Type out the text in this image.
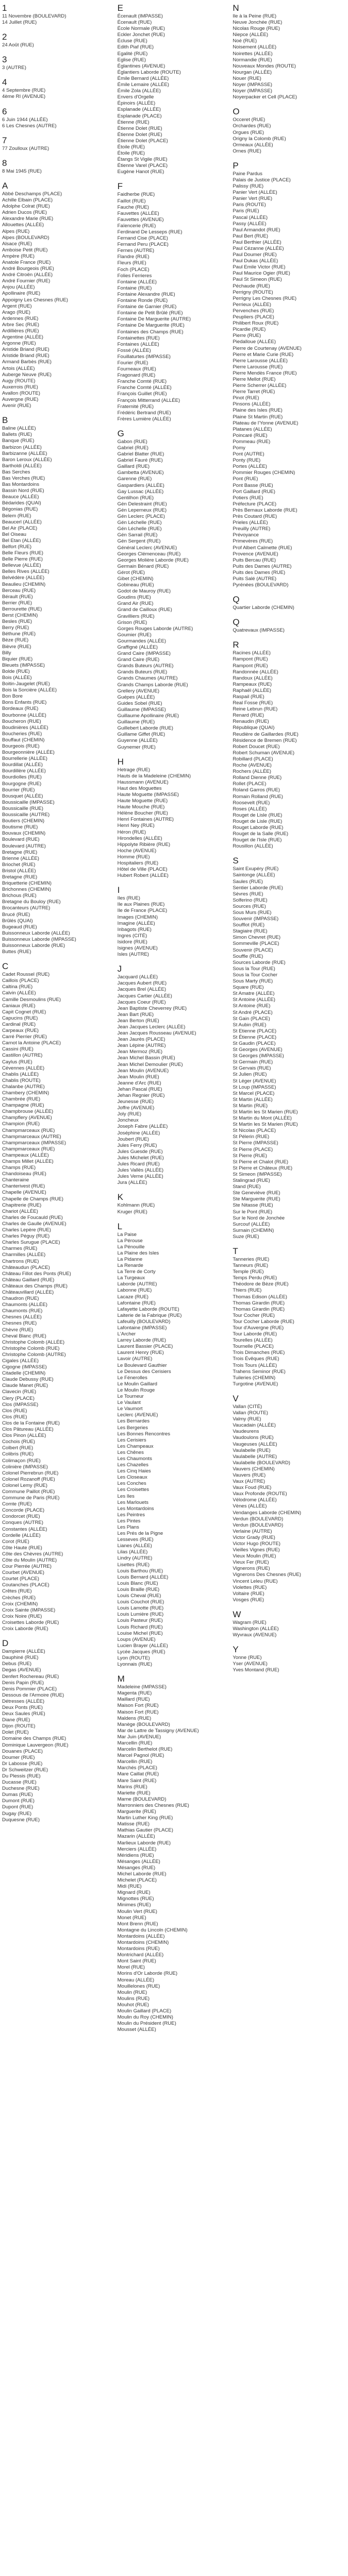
1
11 Novembre (BOULEVARD)
14 Juillet (RUE)
2
24 Août (RUE)
3
3 (AUTRE)
4
4 Septembre (RUE)
4ème RI (AVENUE)
6
6 Juin 1944 (ALLÉE)
6 Les Chesnes (AUTRE)
7
77 Zoulloux (AUTRE)
8
8 Mai 1945 (RUE)
A
Abbé Deschamps (PLACE)
Achille Elbain (PLACE)
Adolphe Colrat (RUE)
Adrien Ducos (RUE)
Alexandre Marie (RUE)
Allouettes (ALLÉE)
Alpes (RUE)
Alpes (BOULEVARD)
Alsace (RUE)
Amboise Petit (RUE)
Ampère (RUE)
Anatole France (RUE)
André Bourgeois (RUE)
André Citroën (ALLÉE)
André Fournier (RUE)
Anjou (ALLÉE)
Apollinaire (RUE)
Appoigny Les Chesnes (RUE)
Argent (RUE)
Arago (RUE)
Ardennes (RUE)
Arbre Sec (RUE)
Ardillières (RUE)
Argentine (ALLÉE)
Argonne (RUE)
Aristide Briand (RUE)
Aristide Briand (RUE)
Armand Barbès (RUE)
Artois (ALLÉE)
Auberge Neuve (RUE)
Augy (ROUTE)
Auxerrois (RUE)
Avallon (ROUTE)
Auvergne (RUE)
Avenir (RUE)
B
Baline (ALLÉE)
Ballets (RUE)
Banque (RUE)
Barbizon (ALLÉE)
Barbizanne (ALLÉE)
Baron Leroux (ALLÉE)
Bartholdi (ALLÉE)
Bas Serches
Bas Verches (RUE)
Bas Montardoins
Bassin Nord (RUE)
Beauce (ALLÉE)
Bédarides (QUAI)
Bégonias (RUE)
Belem (RUE)
Beaucerl (ALLÉE)
Bel Air (PLACE)
Bel Oiseau
Bel Etan (ALLÉE)
Belfort (RUE)
Belle Fleurs (RUE)
Belle Pierre (RUE)
Bellevue (ALLÉE)
Belles Rives (ALLÉE)
Belvédère (ALLÉE)
Beaulieu (CHEMIN)
Berceau (RUE)
Bérault (RUE)
Berrier (RUE)
Berrourette (RUE)
Berst (CHEMIN)
Besles (RUE)
Berry (RUE)
Béthune (RUE)
Bèze (RUE)
Bièvre (RUE)
Billy
Biquier (RUE)
Bleuets (IMPASSE)
Bolde (RUE)
Bois (ALLÉE)
Boitin-Jaugelet (RUE)
Bois la Sorcière (ALLÉE)
Bon Bore
Bons Enfants (RUE)
Bordeaux (RUE)
Bourbonne (ALLÉE)
Boucheron (RUE)
Boudinières (ALLÉE)
Boucheries (RUE)
Bouffaut (CHEMIN)
Bourgeois (RUE)
Bourgeonnière (ALLÉE)
Bourrellerie (ALLÉE)
Bourdillat (ALLÉE)
Bourdillère (ALLÉE)
Bourdiolles (RUE)
Bourgogne (RUE)
Bourrier (RUE)
Bousquet (ALLÉE)
Boussicaille (IMPASSE)
Boussicaille (RUE)
Boussicaille (AUTRE)
Boutiers (CHEMIN)
Boutisme (RUE)
Bouvaux (CHEMIN)
Boulevard (RUE)
Boulevard (AUTRE)
Bretagne (RUE)
Brienne (ALLÉE)
Briochet (RUE)
Bristol (ALLÉE)
Bretagne (RUE)
Briquetterie (CHEMIN)
Brichonnes (CHEMIN)
Brichous (RUE)
Bretagne du Bouloy (RUE)
Brocanteurs (AUTRE)
Brucé (RUE)
Brûlés (QUAI)
Bugeaud (RUE)
Buissonneux Laborde (ALLÉE)
Buissonneux Laborde (IMPASSE)
Buissonneux Laborde (RUE)
Buttes (RUE)
C
Cadet Roussel (RUE)
Caillois (PLACE)
Caltina (RUE)
Calvin (ALLÉE)
Camille Desmoulins (RUE)
Caniaux (RUE)
Capit Cognet (RUE)
Capucins (RUE)
Cardinal (RUE)
Carpeaux (RUE)
Carré Pierrier (RUE)
Carnot la Antoine (PLACE)
Cassini (RUE)
Castillon (AUTRE)
Caylus (RUE)
Cévennes (ALLÉE)
Chablis (ALLÉE)
Chablis (ROUTE)
Chalanbe (AUTRE)
Chambery (CHEMIN)
Chambrée (RUE)
Champagne (RUE)
Champbrouse (ALLÉE)
Champflery (AVENUE)
Champion (RUE)
Champmarceaux (RUE)
Champmarceaux (AUTRE)
Champmarceaux (IMPASSE)
Champmarceaux (RUE)
Champeaux (ALLÉE)
Champs Millet (ALLÉE)
Champs (RUE)
Chandoiseau (RUE)
Chanteraine
Chanterivest (RUE)
Chapelle (AVENUE)
Chapelle de Champs (RUE)
Chapitrerie (RUE)
Chariot (ALLÉE)
Charles de Foucauld (RUE)
Charles de Gaulle (AVENUE)
Charles Lepère (RUE)
Charles Péguy (RUE)
Charles Surugue (PLACE)
Charmes (RUE)
Charmilles (ALLÉE)
Chartrons (RUE)
Châteaudun (PLACE)
Château Fillot des Ponts (RUE)
Château Gaillard (RUE)
Châteaux des Champs (RUE)
Châteauvillard (ALLÉE)
Chaudron (RUE)
Chaumonts (ALLÉE)
Chaumonts (RUE)
Chesnes (ALLÉE)
Chesnes (RUE)
Chèvre (RUE)
Cheval Blanc (RUE)
Christophe Colomb (ALLÉE)
Christophe Colomb (RUE)
Christophe Colomb (AUTRE)
Cigales (ALLÉE)
Cigogne (IMPASSE)
Citadelle (CHEMIN)
Claude Debussy (RUE)
Claude Manet (RUE)
Clavecin (RUE)
Clery (PLACE)
Clos (IMPASSE)
Clos (RUE)
Clos (RUE)
Clos de la Fontaine (RUE)
Clos Pâtureau (ALLÉE)
Clos Pinon (ALLÉE)
Cochois (RUE)
Colbert (RUE)
Colibris (RUE)
Colimaçon (RUE)
Colinière (IMPASSE)
Colonel Pierrebrun (RUE)
Colonel Rozanoff (RUE)
Colonel Lemy (RUE)
Commune Paillot (RUE)
Commune de Paris (RUE)
Comte (RUE)
Concorde (PLACE)
Condorcet (RUE)
Conques (AUTRE)
Constantes (ALLÉE)
Cordelle (ALLÉE)
Corot (RUE)
Côte Haute (RUE)
Côte des Chèvres (AUTRE)
Côte du Moulin (AUTRE)
Cour Pierrée (AUTRE)
Courbet (AVENUE)
Courtet (PLACE)
Coutanches (PLACE)
Crêtes (RUE)
Crèches (RUE)
Croix (CHEMIN)
Croix Sainte (IMPASSE)
Croix Noire (RUE)
Croisettes Laborde (RUE)
Croix Laborde (RUE)
D
Dampierre (ALLÉE)
Dauphiné (RUE)
Debus (RUE)
Degas (AVENUE)
Denfert Rochereau (RUE)
Denis Papin (RUE)
Denis Pommier (PLACE)
Dessous de l'Armoire (RUE)
Détresses (ALLÉE)
Deux Ponts (RUE)
Deux Saules (RUE)
Diane (RUE)
Dijon (ROUTE)
Dolet (RUE)
Domaine des Champs (RUE)
Dominique Lauvergeon (RUE)
Douanes (PLACE)
Doumer (RUE)
Dr Labosse (RUE)
Dr Schweitzer (RUE)
Du Plessis (RUE)
Ducasse (RUE)
Duchesne (RUE)
Dumas (RUE)
Dumont (RUE)
Dupont (RUE)
Dugay (RUE)
Duquesne (RUE)
E
Écenault (IMPASSE)
Écenault (RUE)
École Normale (RUE)
Eckler Jonchet (RUE)
Écluse (RUE)
Edith Piaf (RUE)
Egalité (RUE)
Eglise (RUE)
Églantines (AVENUE)
Églantiers Laborde (ROUTE)
Émile Bernard (ALLÉE)
Émile Lemaire (ALLÉE)
Émile Zola (ALLÉE)
Envers d'Orgelle
Épinoirs (ALLÉE)
Esplanade (ALLÉE)
Esplanade (PLACE)
Étienne (RUE)
Étienne Dolet (RUE)
Étienne Dolet (RUE)
Étienne Dolet (PLACE)
Étoile (RUE)
Étoile (RUE)
Étangs St Vigile (RUE)
Étienne Varel (PLACE)
Eugène Hanot (RUE)
F
Faidherbe (RUE)
Faillot (RUE)
Fauche (RUE)
Fauvettes (ALLÉE)
Fauvettes (AVENUE)
Faïencerie (RUE)
Ferdinand De Lesseps (RUE)
Fernand Cise (PLACE)
Fernand Peru (PLACE)
Fernes (AUTRE)
Flandre (RUE)
Fleurs (RUE)
Foch (PLACE)
Folies Ferrieres
Fontaine (ALLÉE)
Fontaine (RUE)
Fontaine Alexandre (RUE)
Fontaine Ronde (RUE)
Fontaine de Garnier (RUE)
Fontaine de Petit Brûlé (RUE)
Fontaine De Marguerite (AUTRE)
Fontaine De Marguerite (RUE)
Fontaines des Champs (RUE)
Fontainettes (RUE)
Fontaines (ALLÉE)
Fossé (ALLÉE)
Fouillaturtes (IMPASSE)
Fourier (RUE)
Fourneaux (RUE)
Fragonard (RUE)
Franche Comté (RUE)
Franche Comté (ALLÉE)
François Guillet (RUE)
François Mitterrand (ALLÉE)
Fraternité (RUE)
Frédéric Bertrand (RUE)
Frères Lumière (ALLÉE)
G
Gabon (RUE)
Gabriel (RUE)
Gabriel Blatter (RUE)
Gabriel Fauré (RUE)
Gaillard (RUE)
Gambetta (AVENUE)
Garenne (RUE)
Gaspardiers (ALLÉE)
Gay Lussac (ALLÉE)
Gentilhon (RUE)
Gén Delestraint (RUE)
Gén Leperneux (RUE)
Gén Leclerc (PLACE)
Gén Léchelle (RUE)
Gén Léchelle (RUE)
Gén Sarrail (RUE)
Gén Sergent (RUE)
Général Leclerc (AVENUE)
Georges Clémenceau (RUE)
Georges Molière Laborde (RUE)
Germain Bénard (RUE)
Gérot (RUE)
Gibet (CHEMIN)
Gobineau (RUE)
Godot de Mauroy (RUE)
Goudins (RUE)
Grand Air (RUE)
Grand de Cailloux (RUE)
Gravilliers (RUE)
Grison (RUE)
Gorges Rouges Laborde (AUTRE)
Goumier (RUE)
Gourmandes (ALLÉE)
Graffigné (ALLÉE)
Grand Caire (IMPASSE)
Grand Caire (RUE)
Grands Buteurs (AUTRE)
Grands Buteurs (RUE)
Grands Chaumes (AUTRE)
Grands Champs Laborde (RUE)
Grellery (AVENUE)
Guépes (ALLÉE)
Guides Sobel (RUE)
Guillaume (IMPASSE)
Guillaume Apollinaire (RUE)
Guillaume (RUE)
Guillebert Laborde (RUE)
Guillame Giffet (RUE)
Guyenne (ALLÉE)
Guynemer (RUE)
H
Hetrage (RUE)
Hauts de la Madeleine (CHEMIN)
Haussmann (AVENUE)
Haut des Moguettes
Haute Moguette (IMPASSE)
Haute Moguette (RUE)
Haute Mouche (RUE)
Hélène Boucher (RUE)
Henri Fontaines (AUTRE)
Henri Ney (RUE)
Héron (RUE)
Hirondelles (ALLÉE)
Hippolyte Ribière (RUE)
Hoche (AVENUE)
Homme (RUE)
Hospitaliers (RUE)
Hôtel de Ville (PLACE)
Hubert Robert (ALLÉE)
I
Iles (RUE)
Ile aux Plaines (RUE)
Ile de France (PLACE)
Images (CHEMIN)
Imagine (ALLÉE)
Inbagots (RUE)
Ingres (CITÉ)
Isidore (RUE)
Isignes (AVENUE)
Isles (AUTRE)
J
Jacquard (ALLÉE)
Jacques Aubert (RUE)
Jacques Brel (ALLÉE)
Jacques Cartier (ALLÉE)
Jacques Coeur (RUE)
Jean Baptiste Cheverrey (RUE)
Jean Bart (RUE)
Jean Berton (RUE)
Jean Jacques Leclerc (ALLÉE)
Jean Jacques Rousseau (AVENUE)
Jean Jaurès (PLACE)
Jean Lépine (AUTRE)
Jean Mermoz (RUE)
Jean Michel Bassin (RUE)
Jean Michel Demoulier (RUE)
Jean Moulin (AVENUE)
Jean Moulin (RUE)
Jeanne d'Arc (RUE)
Jehan Pascal (RUE)
Jehan Regnier (RUE)
Jeunesse (RUE)
Joffre (AVENUE)
Joly (RUE)
Joncheux
Joseph Fabre (ALLÉE)
Joséphine (ALLÉE)
Joubert (RUE)
Jules Ferry (RUE)
Jules Guesde (RUE)
Jules Michelet (RUE)
Jules Ricard (RUE)
Jules Vallès (ALLÉE)
Jules Verne (ALLÉE)
Jura (ALLÉE)
K
Kohlmann (RUE)
Kruger (RUE)
L
La Paise
La Pérouse
La Pénouille
La Plaine des Isles
La Pidanne
La Renarde
La Terre de Corty
La Turgeaux
Laborde (AUTRE)
Labonne (RUE)
Lacaze (RUE)
Lafontaine (RUE)
Lafayette Laborde (ROUTE)
Laiterie de la Fabrique (RUE)
Lafeuilly (BOULEVARD)
Lafontaine (IMPASSE)
L'Archer
Larrey Laborde (RUE)
Laurent Bassier (PLACE)
Laurent Henry (RUE)
Lavoir (AUTRE)
Le Boulevard Gauthier
Le Dessus des Cerisiers
Le Fénerolles
Le Moulin Gaillard
Le Moulin Rouge
Le Tourneur
Le Vaulant
Le Vaumort
Leclerc (AVENUE)
Les Bernardes
Les Bergeries
Les Bonnes Rencontres
Les Cerisiers
Les Champeaux
Les Chênes
Les Chaumonts
Les Chazelles
Les Cinq Haies
Les Closeaux
Les Conches
Les Croisettes
Les Iles
Les Marlouets
Les Montardoins
Les Peintres
Les Pintes
Les Plans
Les Prés de la Pigne
Lesseves (RUE)
Lianes (ALLÉE)
Lilas (ALLÉE)
Lindry (AUTRE)
Lisettes (RUE)
Louis Barthou (RUE)
Louis Bernard (ALLÉE)
Louis Blanc (RUE)
Louis Braille (RUE)
Louis Cheval (RUE)
Louis Couchot (RUE)
Louis Lamotte (RUE)
Louis Lumière (RUE)
Louis Pasteur (RUE)
Louis Richard (RUE)
Louise Michel (RUE)
Loups (AVENUE)
Lucien Brayer (ALLÉE)
Lycée Jacques (RUE)
Lyon (ROUTE)
Lyonnais (RUE)
M
Madeleine (IMPASSE)
Magenta (RUE)
Maillard (RUE)
Maison Fort (RUE)
Maison Fort (RUE)
Maldens (RUE)
Manège (BOULEVARD)
Mar de Lattre de Tassigny (AVENUE)
Mar Juin (AVENUE)
Marcellin (RUE)
Marcelin Berthelot (RUE)
Marcel Pagnol (RUE)
Marcellin (RUE)
Marchés (PLACE)
Mare Caillat (RUE)
Mare Saint (RUE)
Marins (RUE)
Mariette (RUE)
Marne (BOULEVARD)
Marronniers des Chesnes (RUE)
Marguerite (RUE)
Martin Luther King (RUE)
Matisse (RUE)
Mathias Gautier (PLACE)
Mazarin (ALLÉE)
Marlieux Laborde (RUE)
Merciers (ALLÉE)
Méridiens (RUE)
Mésanges (ALLÉE)
Mésanges (RUE)
Michel Laborde (RUE)
Michelet (PLACE)
Midi (RUE)
Mignard (RUE)
Mignottes (RUE)
Minimes (RUE)
Moulin Vert (RUE)
Monet (RUE)
Mont Brenn (RUE)
Montagne du Lincoln (CHEMIN)
Montardoins (ALLÉE)
Montardoins (CHEMIN)
Montardoins (RUE)
Montrichard (ALLÉE)
Mont Saint (RUE)
Morel (RUE)
Morins d'Or Laborde (RUE)
Moreau (ALLÉE)
Mouillelones (RUE)
Moulin (RUE)
Moulins (RUE)
Mouhot (RUE)
Moulin Gaillard (PLACE)
Moulin du Roy (CHEMIN)
Moulin du Président (RUE)
Mousset (ALLÉE)
N
Ile à la Peine (RUE)
Neuve Jonchée (RUE)
Nicolas Rouge (RUE)
Niepce (ALLÉE)
Noé (RUE)
Noisement (ALLÉE)
Noirettes (ALLÉE)
Normandie (RUE)
Nouveaux Mondes (ROUTE)
Nourgan (ALLÉE)
Nouer (RUE)
Noyer (IMPASSE)
Noyer (IMPASSE)
Noyerpacker et Cell (PLACE)
O
Occeret (RUE)
Orchardes (RUE)
Orgues (RUE)
Origny la Colomb (RUE)
Ormeaux (ALLÉE)
Ornes (RUE)
P
Paine Pardus
Palais de Justice (PLACE)
Palissy (RUE)
Panier Vert (ALLÉE)
Panier Vert (RUE)
Paris (ROUTE)
Paris (RUE)
Pascal (ALLÉE)
Passy (ALLÉE)
Paul Armandot (RUE)
Paul Bert (RUE)
Paul Berthier (ALLÉE)
Paul Cézanne (ALLÉE)
Paul Doumer (RUE)
Paul Dukas (ALLÉE)
Paul Emile Victor (RUE)
Paul Maurice Ogier (RUE)
Paul St Simeon (RUE)
Péchaude (RUE)
Perrigny (ROUTE)
Perrigny Les Chesnes (RUE)
Perrieux (ALLÉE)
Pervenches (RUE)
Peupliers (PLACE)
Philibert Roux (RUE)
Picardie (RUE)
Pierre (RUE)
Piedalloue (ALLÉE)
Pierre de Courtenay (AVENUE)
Pierre et Marie Curie (RUE)
Pierre Larousse (ALLÉE)
Pierre Larousse (RUE)
Pierre Mendès France (RUE)
Pierre Mellot (RUE)
Pierre Scherrer (ALLÉE)
Pierre Tarret (RUE)
Pinot (RUE)
Pinsons (ALLÉE)
Plaine des Isles (RUE)
Plaine St Martin (RUE)
Plateau de l'Yonne (AVENUE)
Platanes (ALLÉE)
Poincaré (RUE)
Pommeau (RUE)
Pomy
Pont (AUTRE)
Ponty (RUE)
Portes (ALLÉE)
Pommier Rouges (CHEMIN)
Pont (RUE)
Pont Basse (RUE)
Port Gaillard (RUE)
Potiers (RUE)
Préfecture (PLACE)
Près Bernaux Laborde (RUE)
Près Coutard (RUE)
Prieles (ALLÉE)
Preuilly (AUTRE)
Prévoyance
Primevères (RUE)
Prof Albert Calmette (RUE)
Provence (AVENUE)
Puits Bercau (RUE)
Puits des Dames (AUTRE)
Puits des Dames (RUE)
Puits Salé (AUTRE)
Pyrénées (BOULEVARD)
Q
Quartier Laborde (CHEMIN)
Q
Quatrevaux (IMPASSE)
R
Racines (ALLÉE)
Rampont (RUE)
Rampont (RUE)
Randonnée (ALLÉE)
Randoux (ALLÉE)
Rampeaux (RUE)
Raphaël (ALLÉE)
Raspail (RUE)
Real Fosse (RUE)
Reine Lebrun (RUE)
Renard (RUE)
Renaudin (RUE)
République (QUAI)
Reudière de Gaillardes (RUE)
Résidence de Bremen (RUE)
Robert Doucet (RUE)
Robert Schuman (AVENUE)
Robillard (PLACE)
Roche (AVENUE)
Rochers (ALLÉE)
Rolland Dienne (RUE)
Rollet (PLACE)
Roland Garros (RUE)
Romain Rolland (RUE)
Roosevelt (RUE)
Roses (ALLÉE)
Rouget de Lisle (RUE)
Rouget de Lisle (RUE)
Rouget Laborde (RUE)
Rouget de la Salle (RUE)
Rouget de l'Isle (RUE)
Rousillon (ALLÉE)
S
Saint Exupéry (RUE)
Saintonge (ALLÉE)
Saules (RUE)
Sentier Laborde (RUE)
Sèvres (RUE)
Solferino (RUE)
Sources (RUE)
Sous Murs (RUE)
Souvenir (IMPASSE)
Soufflot (RUE)
Stagiaire (RUE)
Simon Chevret (RUE)
Sommeville (PLACE)
Souvenir (PLACE)
Souffle (RUE)
Sources Laborde (RUE)
Sous la Tour (RUE)
Sous la Tour Cocher
Sous Marty (RUE)
Square (RUE)
St Amatre (ALLÉE)
St Antoine (ALLÉE)
St Antoine (RUE)
St André (PLACE)
St Gain (PLACE)
St Aubin (RUE)
St Etienne (PLACE)
St Étienne (PLACE)
St Gaudin (PLACE)
St Georges (AVENUE)
St Georges (IMPASSE)
St Germain (RUE)
St Gervais (RUE)
St Julien (RUE)
St Léger (AVENUE)
St Loup (IMPASSE)
St Marcel (PLACE)
St Martin (ALLÉE)
St Martin (RUE)
St Martin les St Marien (RUE)
St Martin du Mont (ALLÉE)
St Martin les St Marien (RUE)
St Nicolas (PLACE)
St Pélerin (RUE)
St Pierre (IMPASSE)
St Pierre (PLACE)
St Pierre (RUE)
St Pierre et Chalot (RUE)
St Pierre et Châteux (RUE)
St Simeon (IMPASSE)
Stalingrad (RUE)
Stand (RUE)
Ste Geneviève (RUE)
Ste Marguerite (RUE)
Ste Nitasse (RUE)
Sur le Pont (RUE)
Sur le Nord de Jonchée
Surcouf (ALLÉE)
Surnain (CHEMIN)
Suze (RUE)
T
Tanneries (RUE)
Tanneurs (RUE)
Temple (RUE)
Temps Perdu (RUE)
Théodore de Bèze (RUE)
Thiers (RUE)
Thomas Edison (ALLÉE)
Thomas Girardin (RUE)
Thomas Girardin (RUE)
Tour Cocher (RUE)
Tour Cocher Laborde (RUE)
Tour d'Auvergne (RUE)
Tour Laborde (RUE)
Tourelles (ALLÉE)
Tournelle (PLACE)
Trois Dimanches (RUE)
Trois Évêques (RUE)
Trois Tours (ALLÉE)
Trahens Seminor (RUE)
Tuileries (CHEMIN)
Turgotine (AVENUE)
V
Vallan (CITÉ)
Vallan (ROUTE)
Valmy (RUE)
Vaucadain (ALLÉE)
Vaudeurens
Vaudoulons (RUE)
Vaugeuses (ALLÉE)
Vaulabelle (RUE)
Vaulabelle (AUTRE)
Vaulabelle (BOULEVARD)
Vauvers (CHEMIN)
Vauvers (RUE)
Vaux (AUTRE)
Vaux Foud (RUE)
Vaux Profonde (ROUTE)
Vélodrome (ALLÉE)
Vènes (ALLÉE)
Vendanges Laborde (CHEMIN)
Verdun (BOULEVARD)
Verdun (BOULEVARD)
Verlaine (AUTRE)
Victor Grady (RUE)
Victor Hugo (ROUTE)
Vieilles Vignes (RUE)
Vieux Moulin (RUE)
Vieux Fer (RUE)
Vignerons (RUE)
Vignerons Des Chesnes (RUE)
Vincent Leleu (RUE)
Violettes (RUE)
Voltaire (RUE)
Vosges (RUE)
W
Wagram (RUE)
Washington (ALLÉE)
Wyvraux (AVENUE)
Y
Yonne (RUE)
Yser (AVENUE)
Yves Montand (RUE)
